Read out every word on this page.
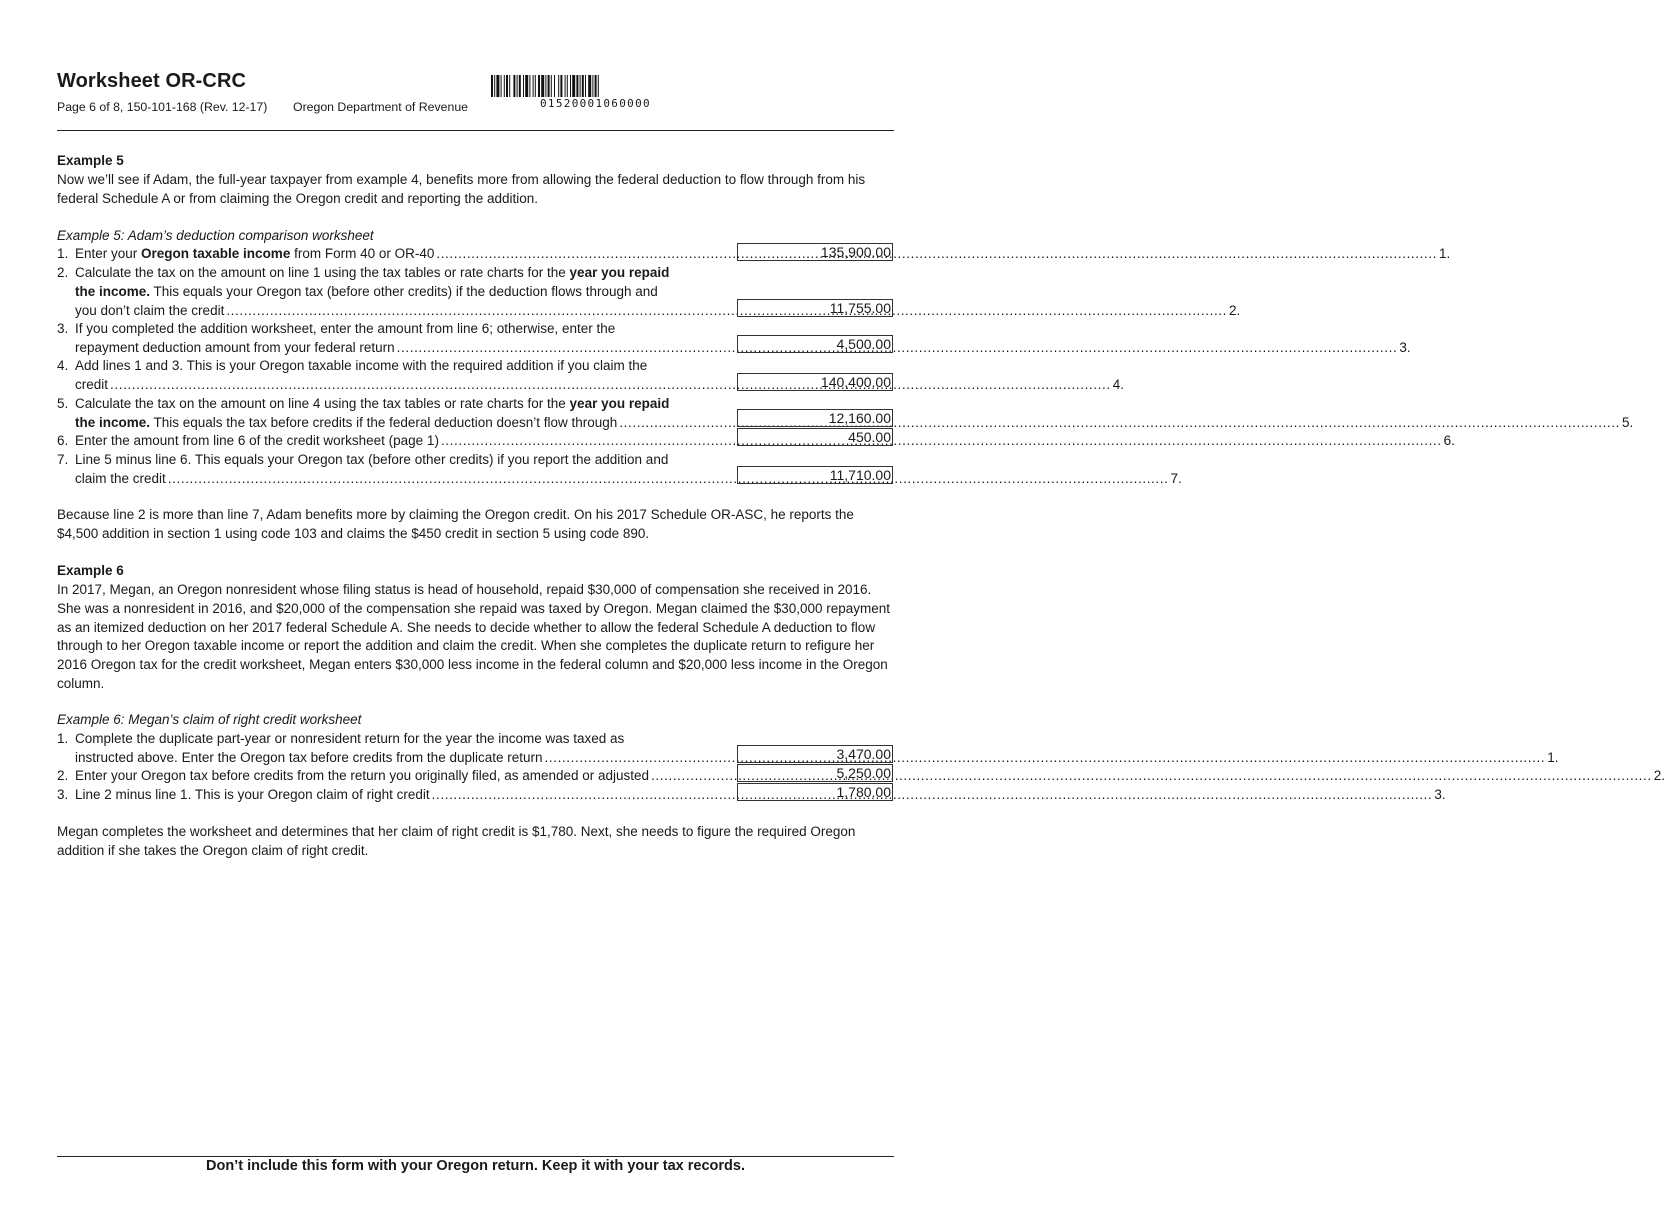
Worksheet OR-CRC
Page 6 of 8, 150-101-168 (Rev. 12-17) Oregon Department of Revenue	01520001060000
Example 5

Now we’ll see if Adam, the full-year taxpayer from example 4, benefits more from allowing the federal deduction to flow through from his federal Schedule A or from claiming the Oregon credit and reporting the addition.

Example 5: Adam’s deduction comparison worksheet
1. Enter your Oregon taxable income from Form 40 or OR-40 .....	1.
135,900.00
2. Calculate the tax on the amount on line 1 using the tax tables or rate charts for the year you repaid
the income. This equals your Oregon tax (before other credits) if the deduction flows through and
you don’t claim the credit .....	2.
11,755.00
3. If you completed the addition worksheet, enter the amount from line 6; otherwise, enter the
repayment deduction amount from your federal return .....	3.
4,500.00
4. Add lines 1 and 3. This is your Oregon taxable income with the required addition if you claim the
credit .....	4.
140,400.00
5. Calculate the tax on the amount on line 4 using the tax tables or rate charts for the year you repaid
the income. This equals the tax before credits if the federal deduction doesn’t flow through .....	5.
12,160.00
6. Enter the amount from line 6 of the credit worksheet (page 1) .....	6.
450.00
7. Line 5 minus line 6. This equals your Oregon tax (before other credits) if you report the addition and
claim the credit .....	7.
11,710.00

Because line 2 is more than line 7, Adam benefits more by claiming the Oregon credit. On his 2017 Schedule OR-ASC, he reports the $4,500 addition in section 1 using code 103 and claims the $450 credit in section 5 using code 890.

Example 6

In 2017, Megan, an Oregon nonresident whose filing status is head of household, repaid $30,000 of compensation she received in 2016. She was a nonresident in 2016, and $20,000 of the compensation she repaid was taxed by Oregon. Megan claimed the $30,000 repayment as an itemized deduction on her 2017 federal Schedule A. She needs to decide whether to allow the federal Schedule A deduction to flow through to her Oregon taxable income or report the addition and claim the credit. When she completes the duplicate return to refigure her 2016 Oregon tax for the credit worksheet, Megan enters $30,000 less income in the federal column and $20,000 less income in the Oregon column.

Example 6: Megan’s claim of right credit worksheet
1. Complete the duplicate part-year or nonresident return for the year the income was taxed as
instructed above. Enter the Oregon tax before credits from the duplicate return .....	1.
3,470.00
2. Enter your Oregon tax before credits from the return you originally filed, as amended or adjusted .....	2.
5,250.00
3. Line 2 minus line 1. This is your Oregon claim of right credit .....	3.
1,780.00

Megan completes the worksheet and determines that her claim of right credit is $1,780. Next, she needs to figure the required Oregon addition if she takes the Oregon claim of right credit.

Don’t include this form with your Oregon return. Keep it with your tax records.
